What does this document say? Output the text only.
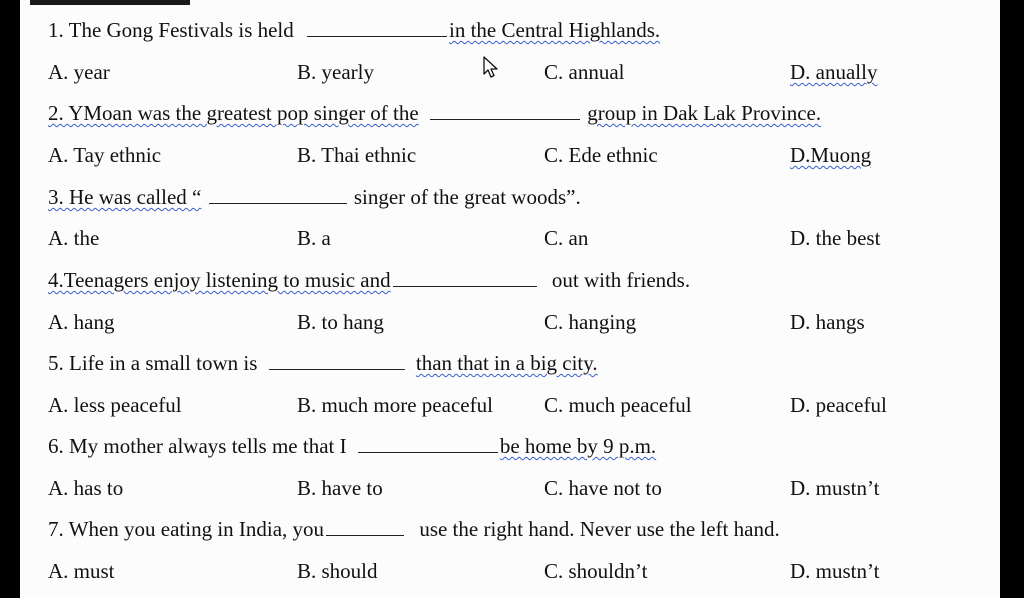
1. The Gong Festivals is held	in the Central Highlands.
A. year	B. yearly	C. annual	D. anually
2. YMoan was the greatest pop singer of the	group in Dak Lak Province.
A. Tay ethnic	B. Thai ethnic	C. Ede ethnic	D.Muong
3. He was called “	singer of the great woods”.
A. the	B. a	C. an	D. the best
4.Teenagers enjoy listening to music and	out with friends.
A. hang	B. to hang	C. hanging	D. hangs
5. Life in a small town is	than that in a big city.
A. less peaceful	B. much more peaceful C. much peaceful	D. peaceful
6. My mother always tells me that I	be home by 9 p.m.
A. has to	B. have to	C. have not to	D. mustn’t
7. When you eating in India, you	use the right hand. Never use the left hand.
A. must	B. should	C. shouldn’t	D. mustn’t
